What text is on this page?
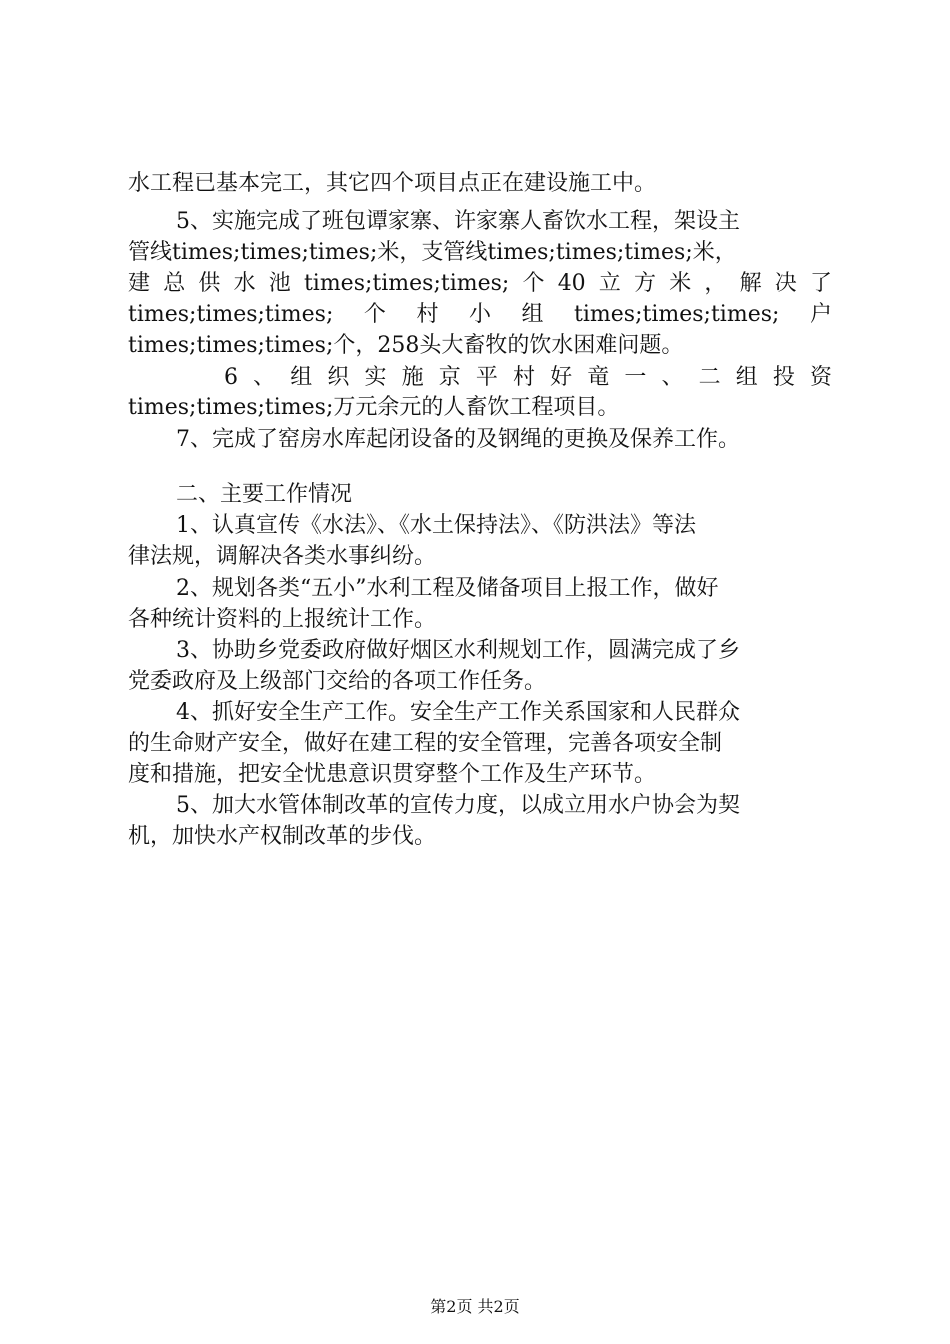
水工程已基本完工，其它四个项目点正在建设施工中。
5、实施完成了班包谭家寨、许家寨人畜饮水工程，架设主
管线times;times;times;米，支管线times;times;times;米，
建 总 供 水 池 times;times;times; 个 40 立 方 米 ， 解 决 了
times;times;times; 个 村 小 组 times;times;times; 户
times;times;times;个，258头大畜牧的饮水困难问题。
6 、 组 织 实 施 京 平 村 好 竜 一 、 二 组 投 资
times;times;times;万元余元的人畜饮工程项目。
7、完成了窑房水库起闭设备的及钢绳的更换及保养工作。
二、主要工作情况
1、认真宣传《水法》、《水土保持法》、《防洪法》等法
律法规，调解决各类水事纠纷。
2、规划各类“五小”水利工程及储备项目上报工作，做好
各种统计资料的上报统计工作。
3、协助乡党委政府做好烟区水利规划工作，圆满完成了乡
党委政府及上级部门交给的各项工作任务。
4、抓好安全生产工作。安全生产工作关系国家和人民群众
的生命财产安全，做好在建工程的安全管理，完善各项安全制
度和措施，把安全忧患意识贯穿整个工作及生产环节。
5、加大水管体制改革的宣传力度，以成立用水户协会为契
机，加快水产权制改革的步伐。
第2页 共2页
